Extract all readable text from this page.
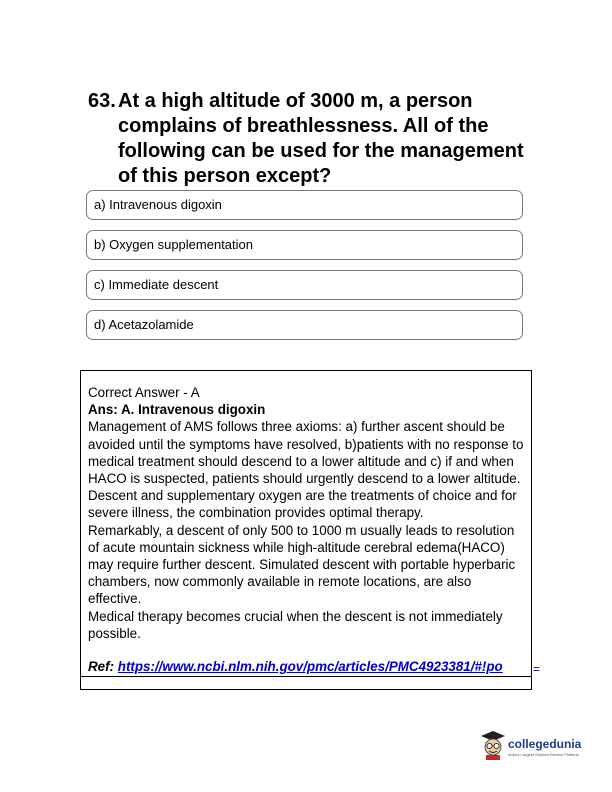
63. At a high altitude of 3000 m, a person complains of breathlessness. All of the following can be used for the management of this person except?
a) Intravenous digoxin
b) Oxygen supplementation
c) Immediate descent
d) Acetazolamide

Correct Answer - A

Ans: A. Intravenous digoxin

Management of AMS follows three axioms: a) further ascent should be avoided until the symptoms have resolved, b)patients with no response to medical treatment should descend to a lower altitude and c) if and when HACO is suspected, patients should urgently descend to a lower altitude.

Descent and supplementary oxygen are the treatments of choice and for severe illness, the combination provides optimal therapy.

Remarkably, a descent of only 500 to 1000 m usually leads to resolution of acute mountain sickness while high-altitude cerebral edema(HACO) may require further descent. Simulated descent with portable hyperbaric chambers, now commonly available in remote locations, are also effective.

Medical therapy becomes crucial when the descent is not immediately possible.

Ref: https://www.ncbi.nlm.nih.gov/pmc/articles/PMC4923381/#!po	=
collegedunia
India's Largest Student Review Platform
